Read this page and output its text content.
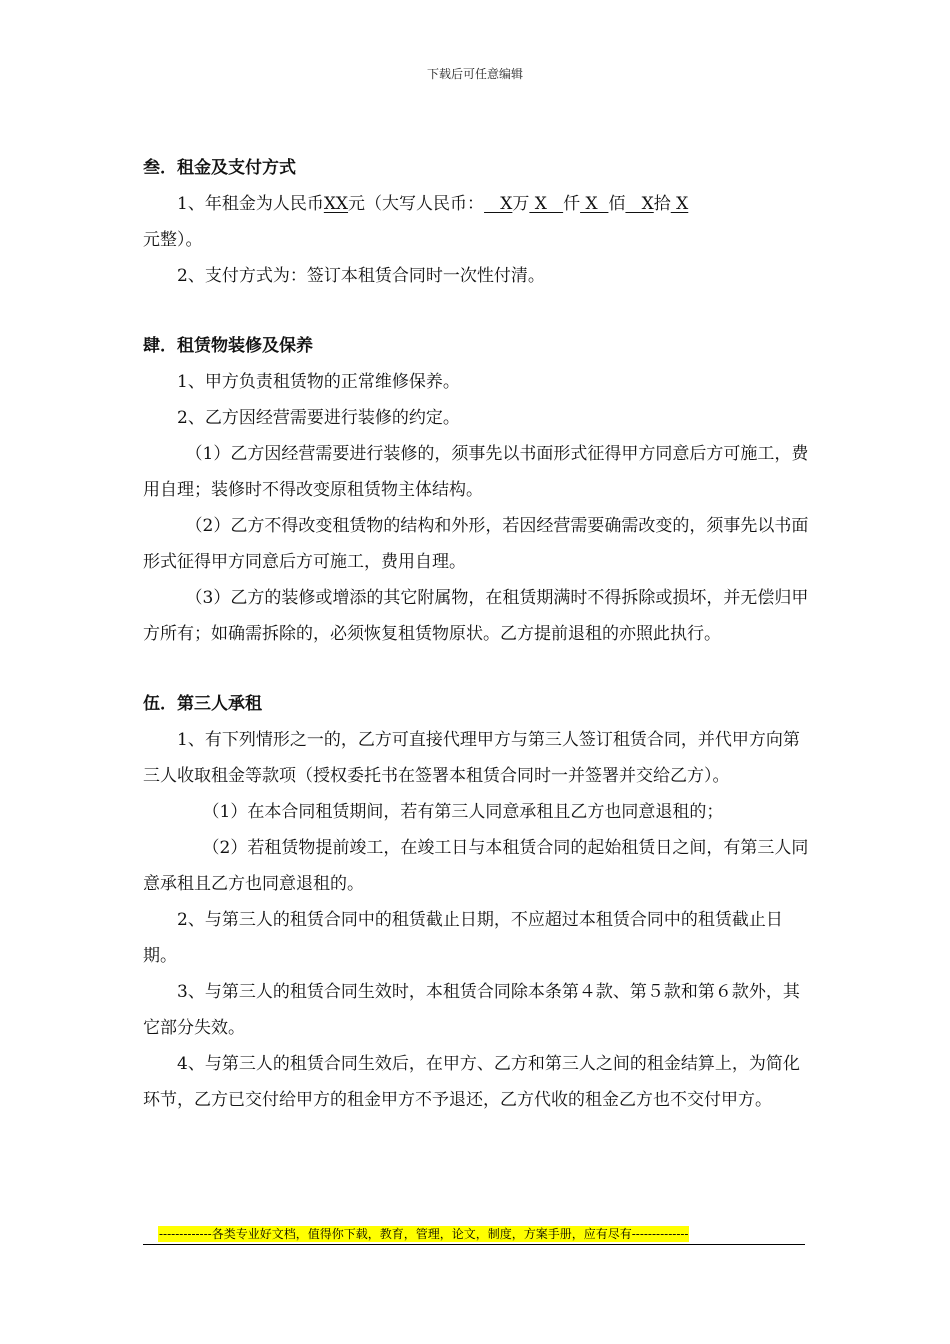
下载后可任意编辑
叁．租金及支付方式
1、年租金为人民币XX元（大写人民币：   X万 X   仟 X  佰   X拾 X
元整）。
2、支付方式为：签订本租赁合同时一次性付清。
肆．租赁物装修及保养
1、甲方负责租赁物的正常维修保养。
2、乙方因经营需要进行装修的约定。
（1）乙方因经营需要进行装修的，须事先以书面形式征得甲方同意后方可施工，费用自理；装修时不得改变原租赁物主体结构。
（2）乙方不得改变租赁物的结构和外形，若因经营需要确需改变的，须事先以书面形式征得甲方同意后方可施工，费用自理。
（3）乙方的装修或增添的其它附属物，在租赁期满时不得拆除或损坏，并无偿归甲方所有；如确需拆除的，必须恢复租赁物原状。乙方提前退租的亦照此执行。
伍．第三人承租
1、有下列情形之一的，乙方可直接代理甲方与第三人签订租赁合同，并代甲方向第三人收取租金等款项（授权委托书在签署本租赁合同时一并签署并交给乙方）。
（1）在本合同租赁期间，若有第三人同意承租且乙方也同意退租的；
（2）若租赁物提前竣工，在竣工日与本租赁合同的起始租赁日之间，有第三人同意承租且乙方也同意退租的。
2、与第三人的租赁合同中的租赁截止日期，不应超过本租赁合同中的租赁截止日期。
3、与第三人的租赁合同生效时，本租赁合同除本条第４款、第５款和第６款外，其它部分失效。
4、与第三人的租赁合同生效后，在甲方、乙方和第三人之间的租金结算上，为简化环节，乙方已交付给甲方的租金甲方不予退还，乙方代收的租金乙方也不交付甲方。
-------------各类专业好文档，值得你下载，教育，管理，论文，制度，方案手册，应有尽有--------------
